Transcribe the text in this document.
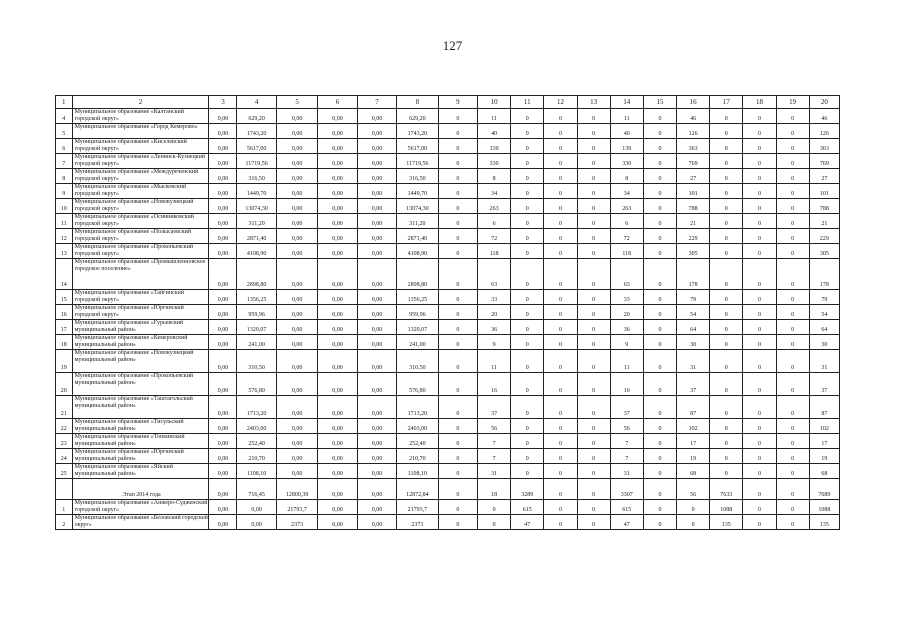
127
1	2	3	4	5	6	7	8	9	10	11	12	13	14	15	16	17	18	19	20
4	Муниципальное образование «Калтанский городской округ»	0,00	629,20	0,00	0,00	0,00	629,20	0	11	0	0	0	11	0	46	0	0	0	46
5	Муниципальное образование «Город Кемерово»	0,00	1743,20	0,00	0,00	0,00	1743,20	0	40	0	0	0	40	0	126	0	0	0	126
6	Муниципальное образование «Киселевский городской округ»	0,00	5617,00	0,00	0,00	0,00	5617,00	0	139	0	0	0	139	0	363	0	0	0	363
7	Муниципальное образование «Ленинск-Кузнецкий городской округ»	0,00	11719,56	0,00	0,00	0,00	11719,56	0	330	0	0	0	330	0	769	0	0	0	769
8	Муниципальное образование «Междуреченский городской округ»	0,00	316,50	0,00	0,00	0,00	316,50	0	8	0	0	0	8	0	27	0	0	0	27
9	Муниципальное образование «Мысковский городской округ»	0,00	1449,70	0,00	0,00	0,00	1449,70	0	34	0	0	0	34	0	101	0	0	0	101
10	Муниципальное образование «Новокузнецкий городской округ»	0,00	13074,30	0,00	0,00	0,00	13074,30	0	263	0	0	0	263	0	788	0	0	0	788
11	Муниципальное образование «Осинниковский городской округ»	0,00	311,20	0,00	0,00	0,00	311,20	0	6	0	0	0	6	0	21	0	0	0	21
12	Муниципальное образование «Полысаевский городской округ»	0,00	2871,40	0,00	0,00	0,00	2871,40	0	72	0	0	0	72	0	229	0	0	0	229
13	Муниципальное образование «Прокопьевский городской округ»	0,00	4108,90	0,00	0,00	0,00	4108,90	0	118	0	0	0	118	0	305	0	0	0	305
14	Муниципальное образование «Промышленновское городское поселение»	0,00	2898,80	0,00	0,00	0,00	2898,80	0	63	0	0	0	63	0	178	0	0	0	178
15	Муниципальное образование «Тайгинский городской округ»	0,00	1356,25	0,00	0,00	0,00	1356,25	0	33	0	0	0	33	0	79	0	0	0	79
16	Муниципальное образование «Юргинский городской округ»	0,00	959,96	0,00	0,00	0,00	959,96	0	20	0	0	0	20	0	54	0	0	0	54
17	Муниципальное образование «Гурьевский муниципальный район»	0,00	1320,07	0,00	0,00	0,00	1320,07	0	36	0	0	0	36	0	64	0	0	0	64
18	Муниципальное образование «Кемеровский муниципальный район»	0,00	241,00	0,00	0,00	0,00	241,00	0	9	0	0	0	9	0	30	0	0	0	30
19	Муниципальное образование «Новокузнецкий муниципальный район»	0,00	310,50	0,00	0,00	0,00	310,50	0	11	0	0	0	11	0	31	0	0	0	31
20	Муниципальное образование «Прокопьевский муниципальный район»	0,00	576,80	0,00	0,00	0,00	576,80	0	16	0	0	0	16	0	37	0	0	0	37
21	Муниципальное образование «Таштагольский муниципальный район»	0,00	1713,20	0,00	0,00	0,00	1713,20	0	37	0	0	0	37	0	87	0	0	0	87
22	Муниципальное образование «Тисульский муниципальный район»	0,00	2403,00	0,00	0,00	0,00	2403,00	0	56	0	0	0	56	0	102	0	0	0	102
23	Муниципальное образование «Топкинский муниципальный район»	0,00	252,40	0,00	0,00	0,00	252,40	0	7	0	0	0	7	0	17	0	0	0	17
24	Муниципальное образование «Юргинский муниципальный район»	0,00	210,70	0,00	0,00	0,00	210,70	0	7	0	0	0	7	0	19	0	0	0	19
25	Муниципальное образование «Яйский муниципальный район»	0,00	1108,10	0,00	0,00	0,00	1108,10	0	31	0	0	0	31	0	68	0	0	0	68
	Этап 2014 года	0,00	716,45	12800,39	0,00	0,00	12872,84	0	18	3289	0	0	3307	0	56	7633	0	0	7689
1	Муниципальное образование «Анжеро-Судженский городской округ»	0,00	0,00	21793,7	0,00	0,00	21793,7	0	0	615	0	0	615	0	0	1088	0	0	1088
2	Муниципальное образование «Беловский городской округ»	0,00	0,00	2373	0,00	0,00	2373	0	0	47	0	0	47	0	0	135	0	0	135
